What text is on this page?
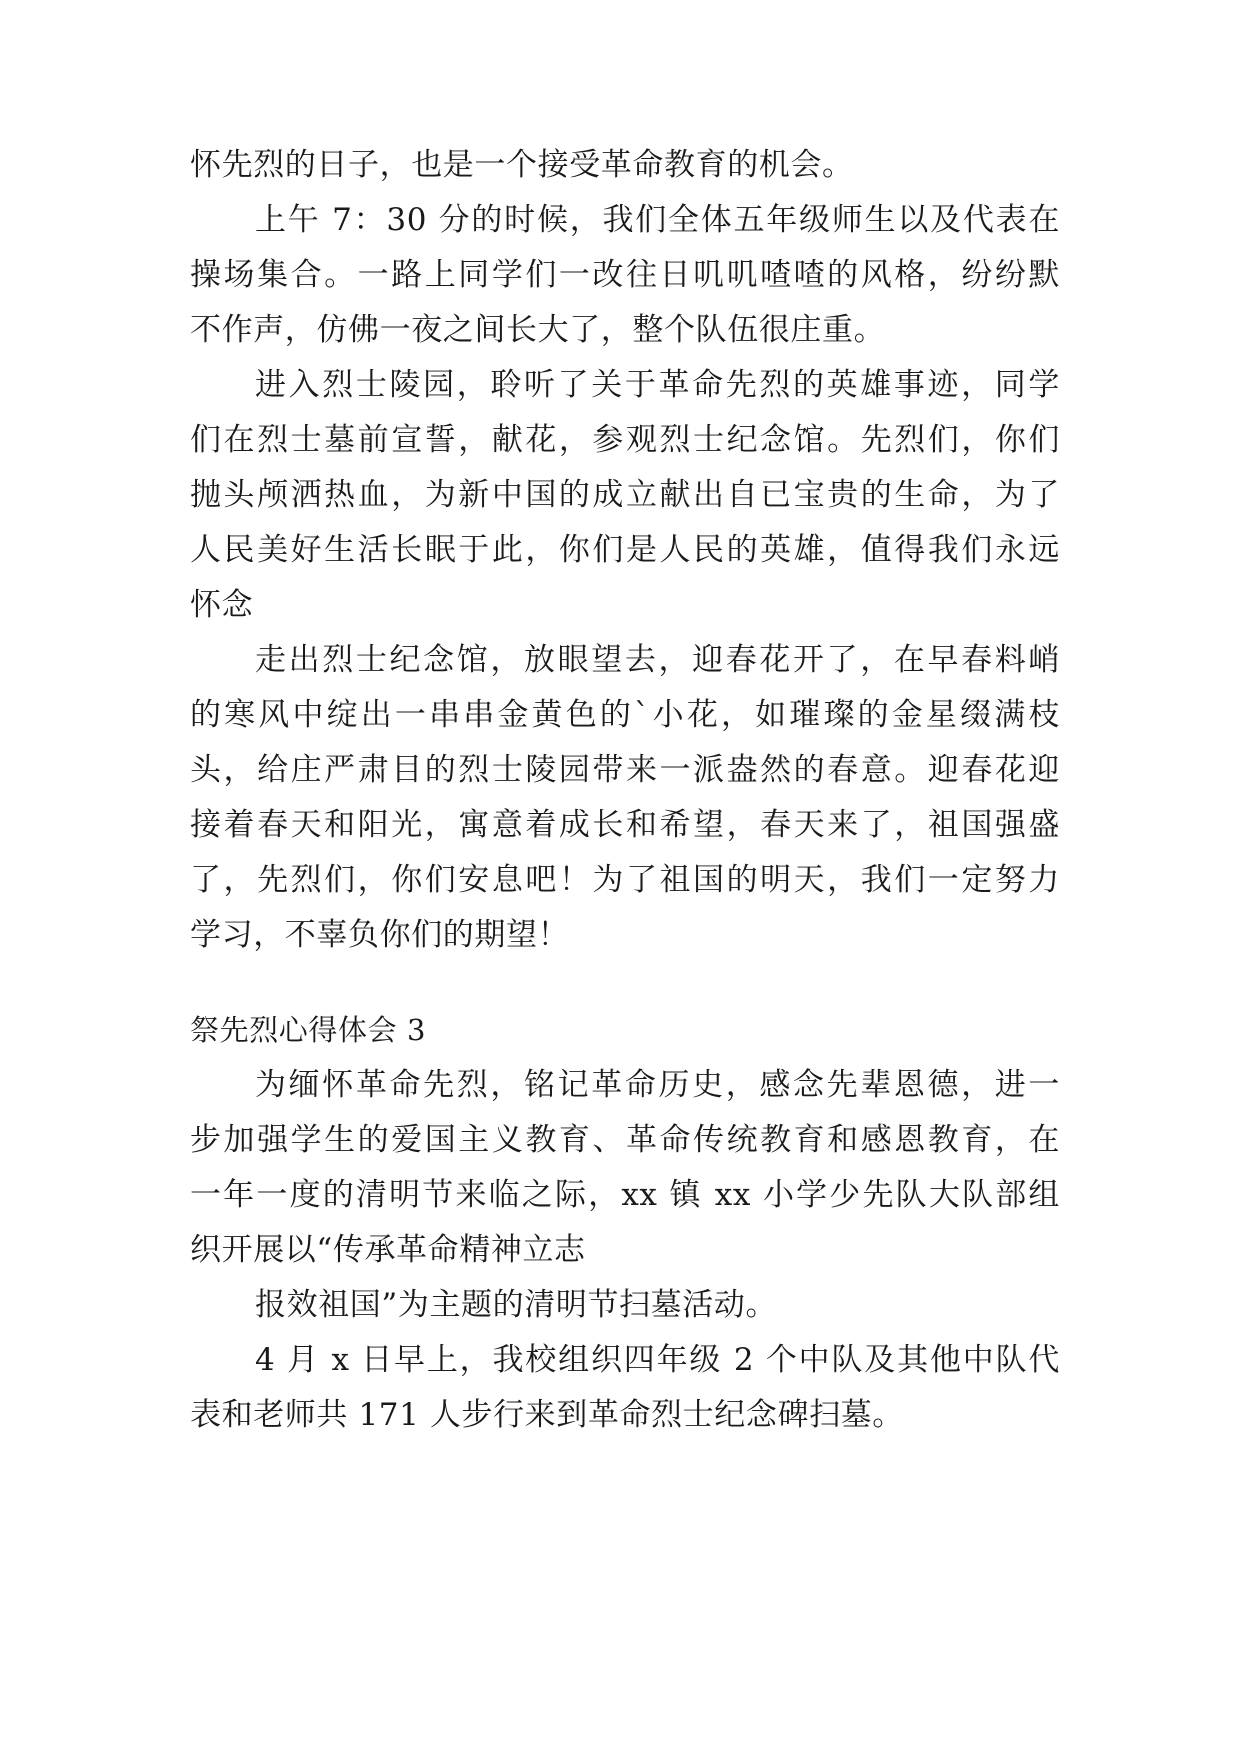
怀先烈的日子，也是一个接受革命教育的机会。
上午 7：30 分的时候，我们全体五年级师生以及代表在
操场集合。一路上同学们一改往日叽叽喳喳的风格，纷纷默
不作声，仿佛一夜之间长大了，整个队伍很庄重。
进入烈士陵园，聆听了关于革命先烈的英雄事迹，同学
们在烈士墓前宣誓，献花，参观烈士纪念馆。先烈们，你们
抛头颅洒热血，为新中国的成立献出自已宝贵的生命，为了
人民美好生活长眠于此，你们是人民的英雄，值得我们永远
怀念
走出烈士纪念馆，放眼望去，迎春花开了，在早春料峭
的寒风中绽出一串串金黄色的`小花，如璀璨的金星缀满枝
头，给庄严肃目的烈士陵园带来一派盎然的春意。迎春花迎
接着春天和阳光，寓意着成长和希望，春天来了，祖国强盛
了，先烈们，你们安息吧！为了祖国的明天，我们一定努力
学习，不辜负你们的期望！
祭先烈心得体会 3
为缅怀革命先烈，铭记革命历史，感念先辈恩德，进一
步加强学生的爱国主义教育、革命传统教育和感恩教育，在
一年一度的清明节来临之际，xx 镇 xx 小学少先队大队部组
织开展以“传承革命精神立志
报效祖国”为主题的清明节扫墓活动。
4 月 x 日早上，我校组织四年级 2 个中队及其他中队代
表和老师共 171 人步行来到革命烈士纪念碑扫墓。
